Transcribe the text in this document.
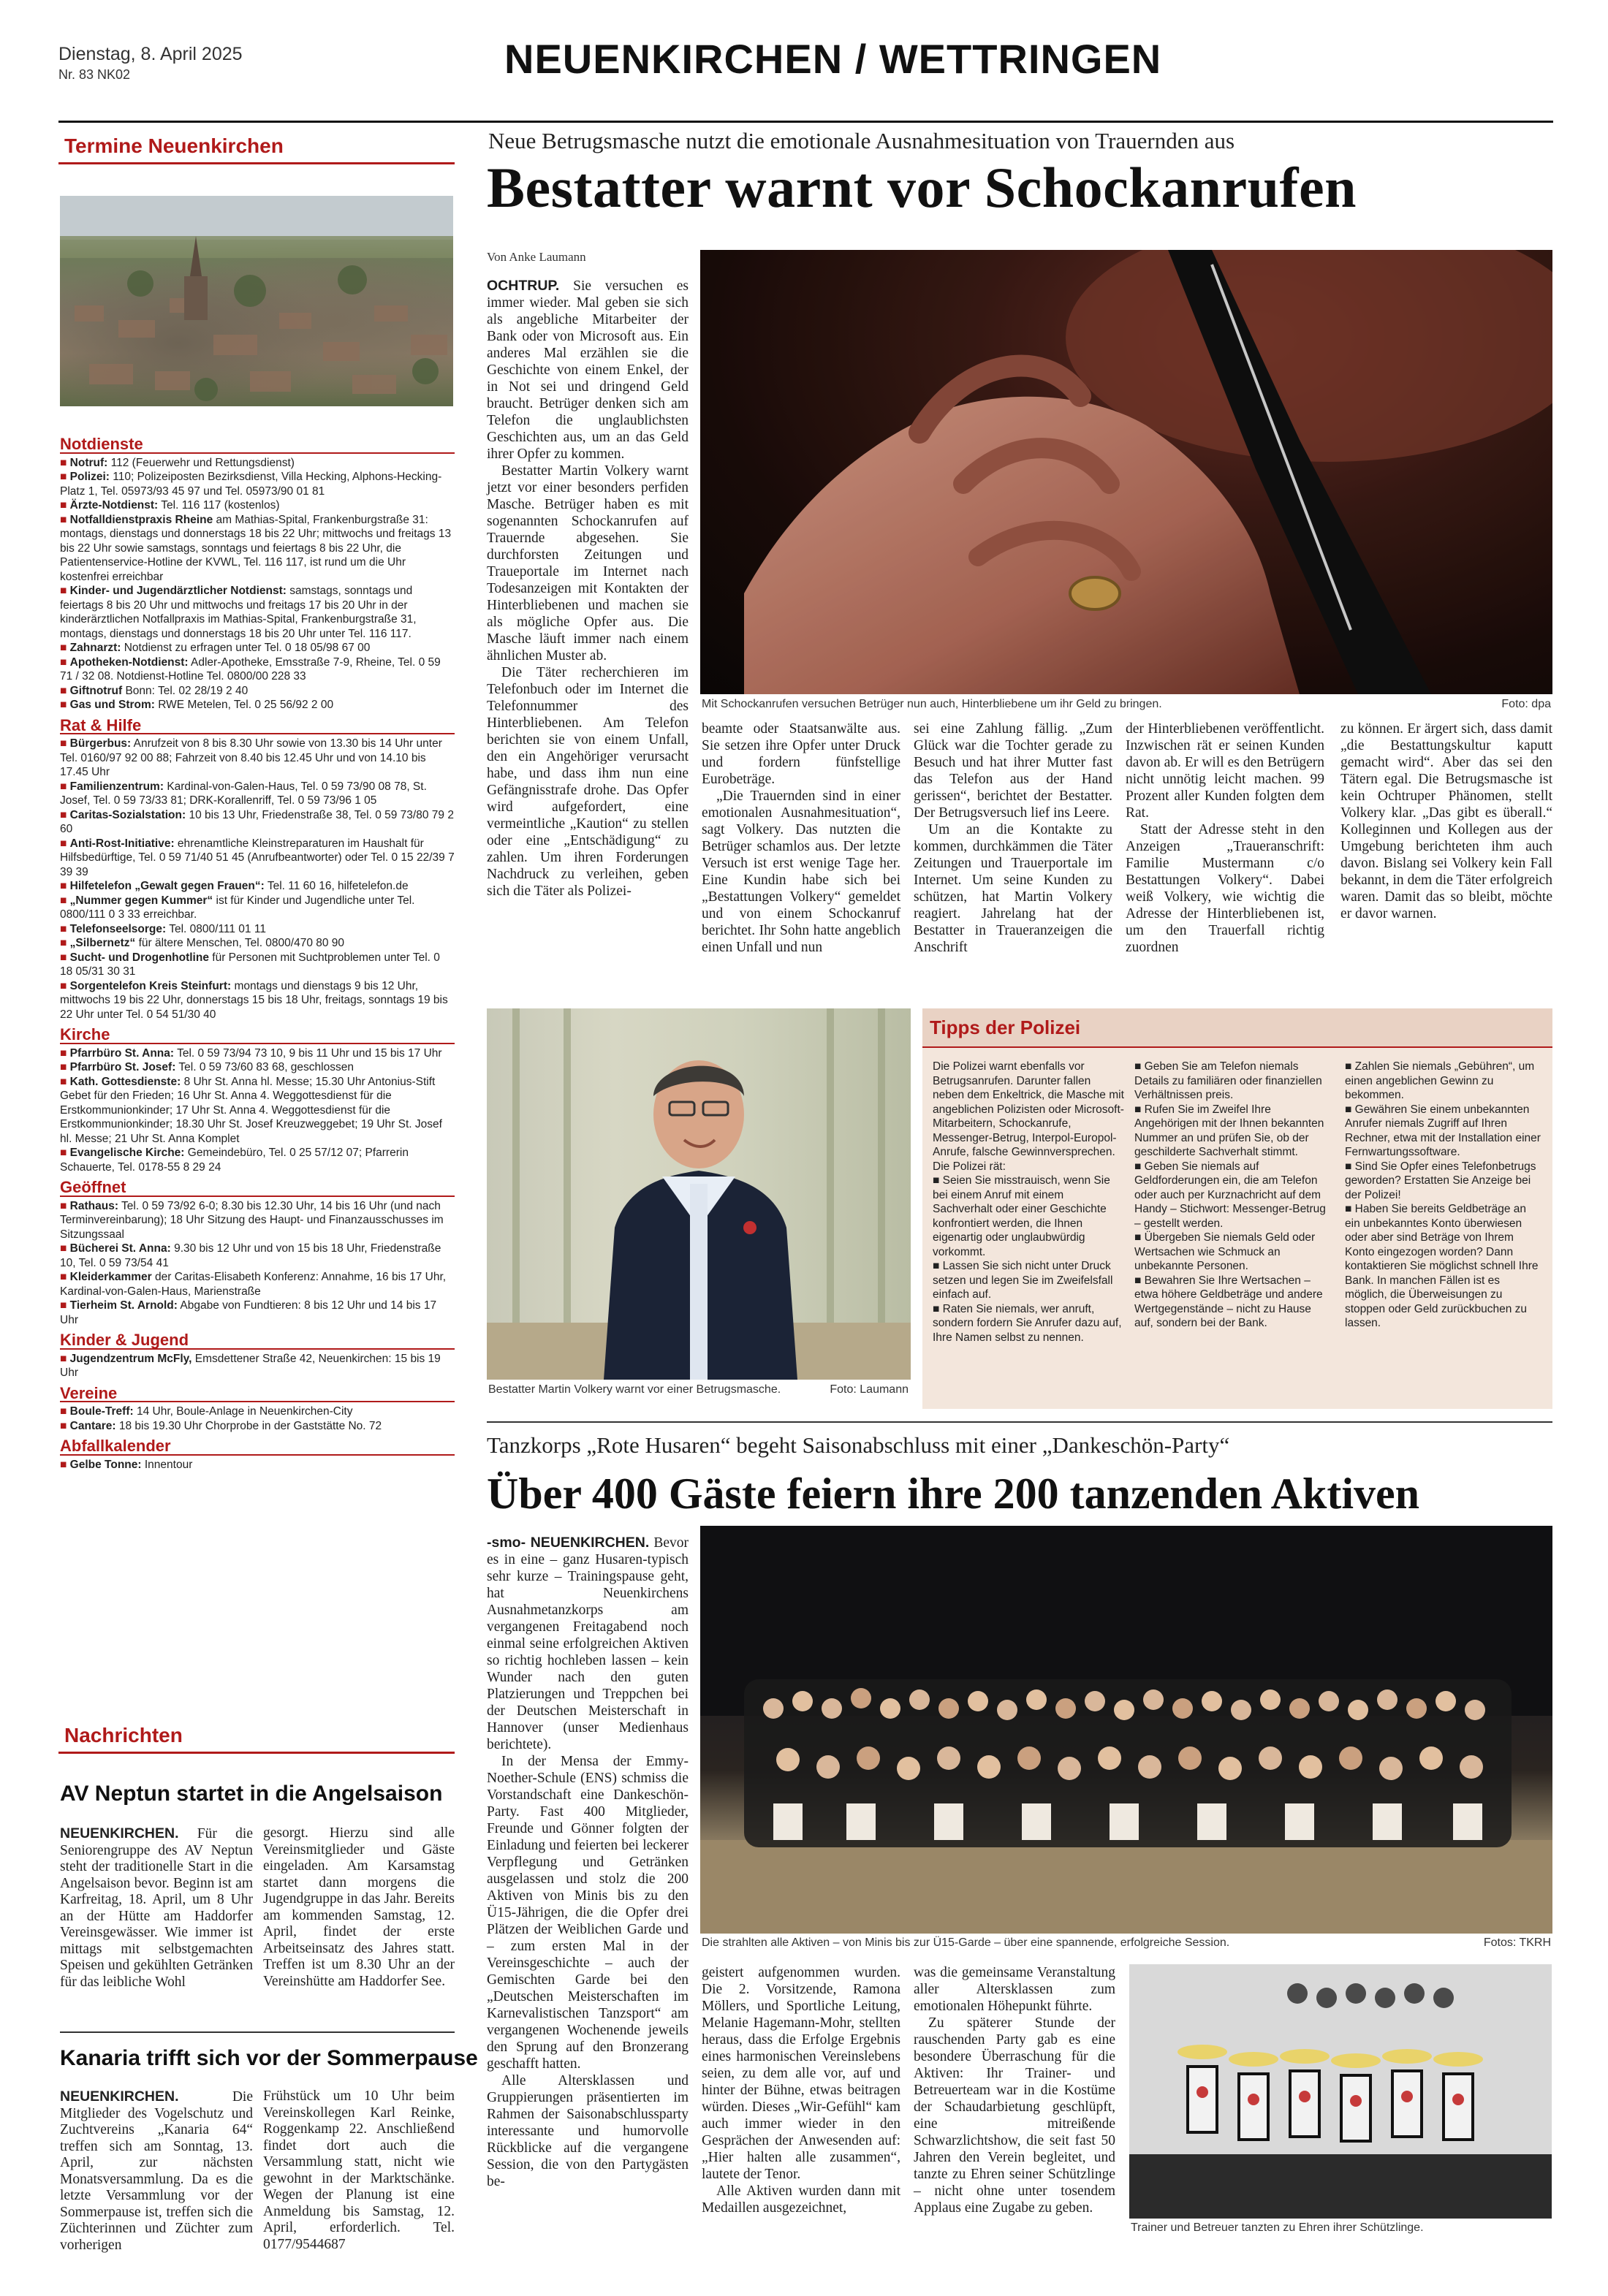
Dienstag, 8. April 2025
Nr. 83 NK02	NEUENKIRCHEN / WETTRINGEN
Termine Neuenkirchen
Notdienste

■ Notruf: 112 (Feuerwehr und Rettungsdienst)

■ Polizei: 110; Polizeiposten Bezirksdienst, Villa Hecking, Alphons-Hecking-Platz 1, Tel. 05973/93 45 97 und Tel. 05973/90 01 81

■ Ärzte-Notdienst: Tel. 116 117 (kostenlos)

■ Notfalldienstpraxis Rheine am Mathias-Spital, Frankenburgstraße 31: montags, dienstags und donnerstags 18 bis 22 Uhr; mittwochs und freitags 13 bis 22 Uhr sowie samstags, sonntags und feiertags 8 bis 22 Uhr, die Patientenservice-Hotline der KVWL, Tel. 116 117, ist rund um die Uhr kostenfrei erreichbar

■ Kinder- und Jugendärztlicher Notdienst: samstags, sonntags und feiertags 8 bis 20 Uhr und mittwochs und freitags 17 bis 20 Uhr in der kinderärztlichen Notfallpraxis im Mathias-Spital, Frankenburgstraße 31, montags, dienstags und donnerstags 18 bis 20 Uhr unter Tel. 116 117.

■ Zahnarzt: Notdienst zu erfragen unter Tel. 0 18 05/98 67 00

■ Apotheken-Notdienst: Adler-Apotheke, Emsstraße 7-9, Rheine, Tel. 0 59 71 / 32 08. Notdienst-Hotline Tel. 0800/00 228 33

■ Giftnotruf Bonn: Tel. 02 28/19 2 40

■ Gas und Strom: RWE Metelen, Tel. 0 25 56/92 2 00

Rat & Hilfe

■ Bürgerbus: Anrufzeit von 8 bis 8.30 Uhr sowie von 13.30 bis 14 Uhr unter Tel. 0160/97 92 00 88; Fahrzeit von 8.40 bis 12.45 Uhr und von 14.10 bis 17.45 Uhr

■ Familienzentrum: Kardinal-von-Galen-Haus, Tel. 0 59 73/90 08 78, St. Josef, Tel. 0 59 73/33 81; DRK-Korallenriff, Tel. 0 59 73/96 1 05

■ Caritas-Sozialstation: 10 bis 13 Uhr, Friedenstraße 38, Tel. 0 59 73/80 79 2 60

■ Anti-Rost-Initiative: ehrenamtliche Kleinstreparaturen im Haushalt für Hilfsbedürftige, Tel. 0 59 71/40 51 45 (Anrufbeantworter) oder Tel. 0 15 22/39 7 39 39

■ Hilfetelefon „Gewalt gegen Frauen“: Tel. 11 60 16, hilfetelefon.de

■ „Nummer gegen Kummer“ ist für Kinder und Jugendliche unter Tel. 0800/111 0 3 33 erreichbar.

■ Telefonseelsorge: Tel. 0800/111 01 11

■ „Silbernetz“ für ältere Menschen, Tel. 0800/470 80 90

■ Sucht- und Drogenhotline für Personen mit Suchtproblemen unter Tel. 0 18 05/31 30 31

■ Sorgentelefon Kreis Steinfurt: montags und dienstags 9 bis 12 Uhr, mittwochs 19 bis 22 Uhr, donnerstags 15 bis 18 Uhr, freitags, sonntags 19 bis 22 Uhr unter Tel. 0 54 51/30 40

Kirche

■ Pfarrbüro St. Anna: Tel. 0 59 73/94 73 10, 9 bis 11 Uhr und 15 bis 17 Uhr

■ Pfarrbüro St. Josef: Tel. 0 59 73/60 83 68, geschlossen

■ Kath. Gottesdienste: 8 Uhr St. Anna hl. Messe; 15.30 Uhr Antonius-Stift Gebet für den Frieden; 16 Uhr St. Anna 4. Weggottesdienst für die Erstkommunionkinder; 17 Uhr St. Anna 4. Weggottesdienst für die Erstkommunionkinder; 18.30 Uhr St. Josef Kreuzweggebet; 19 Uhr St. Josef hl. Messe; 21 Uhr St. Anna Komplet

■ Evangelische Kirche: Gemeindebüro, Tel. 0 25 57/12 07; Pfarrerin Schauerte, Tel. 0178-55 8 29 24

Geöffnet

■ Rathaus: Tel. 0 59 73/92 6-0; 8.30 bis 12.30 Uhr, 14 bis 16 Uhr (und nach Terminvereinbarung); 18 Uhr Sitzung des Haupt- und Finanzausschusses im Sitzungssaal

■ Bücherei St. Anna: 9.30 bis 12 Uhr und von 15 bis 18 Uhr, Friedenstraße 10, Tel. 0 59 73/54 41

■ Kleiderkammer der Caritas-Elisabeth Konferenz: Annahme, 16 bis 17 Uhr, Kardinal-von-Galen-Haus, Marienstraße

■ Tierheim St. Arnold: Abgabe von Fundtieren: 8 bis 12 Uhr und 14 bis 17 Uhr

Kinder & Jugend

■ Jugendzentrum McFly, Emsdettener Straße 42, Neuenkirchen: 15 bis 19 Uhr

Vereine

■ Boule-Treff: 14 Uhr, Boule-Anlage in Neuenkirchen-City

■ Cantare: 18 bis 19.30 Uhr Chorprobe in der Gaststätte No. 72

Abfallkalender

■ Gelbe Tonne: Innentour

Nachrichten
AV Neptun startet in die Angelsaison
NEUENKIRCHEN. Für die Seniorengruppe des AV Neptun steht der traditionelle Start in die Angelsaison bevor. Beginn ist am Karfreitag, 18. April, um 8 Uhr an der Hütte am Haddorfer Vereinsgewässer. Wie immer ist mittags mit selbstgemachten Speisen und gekühlten Getränken für das leibliche Wohl
gesorgt. Hierzu sind alle Vereinsmitglieder und Gäste eingeladen. Am Karsamstag startet dann morgens die Jugendgruppe in das Jahr. Bereits am kommenden Samstag, 12. April, findet der erste Arbeitseinsatz des Jahres statt. Treffen ist um 8.30 Uhr an der Vereinshütte am Haddorfer See.
Kanaria trifft sich vor der Sommerpause
NEUENKIRCHEN.	Die Mitglieder des Vogelschutz und Zuchtvereins „Kanaria 64“ treffen sich am Sonntag, 13. April, zur nächsten Monatsversammlung. Da es die letzte Versammlung vor der Sommerpause ist, treffen sich die Züchterinnen und Züchter zum vorherigen
Frühstück um 10 Uhr beim Vereinskollegen Karl Reinke, Roggenkamp 22. Anschließend findet dort auch die Versammlung statt, nicht wie gewohnt in der Marktschänke. Wegen der Planung ist eine Anmeldung bis Samstag, 12. April, erforderlich. Tel. 0177/9544687
Neue Betrugsmasche nutzt die emotionale Ausnahmesituation von Trauernden aus
Bestatter warnt vor Schockanrufen
Von Anke Laumann
Mit Schockanrufen versuchen Betrüger nun auch, Hinterbliebene um ihr Geld zu bringen.	Foto: dpa

OCHTRUP. Sie versuchen es immer wieder. Mal geben sie sich als angebliche Mitarbeiter der Bank oder von Microsoft aus. Ein anderes Mal erzählen sie die Geschichte von einem Enkel, der in Not sei und dringend Geld braucht. Betrüger denken sich am Telefon die unglaublichsten Geschichten aus, um an das Geld ihrer Opfer zu kommen.

Bestatter Martin Volkery warnt jetzt vor einer besonders perfiden Masche. Betrüger haben es mit sogenannten Schockanrufen auf Trauernde abgesehen. Sie durchforsten Zeitungen und Traueportale im Internet nach Todesanzeigen mit Kontakten der Hinterbliebenen und machen sie als mögliche Opfer aus. Die Masche läuft immer nach einem ähnlichen Muster ab.

Die Täter recherchieren im Telefonbuch oder im Internet die Telefonnummer des Hinterbliebenen. Am Telefon berichten sie von einem Unfall, den ein Angehöriger verursacht habe, und dass ihm nun eine Gefängnisstrafe drohe. Das Opfer wird aufgefordert, eine vermeintliche „Kaution“ zu stellen oder eine „Entschädigung“ zu zahlen. Um ihren Forderungen Nachdruck zu verleihen, geben sich die Täter als Polizei-

beamte oder Staatsanwälte aus. Sie setzen ihre Opfer unter Druck und fordern fünfstellige Eurobeträge.

„Die Trauernden sind in einer emotionalen Ausnahmesituation“, sagt Volkery. Das nutzten die Betrüger schamlos aus. Der letzte Versuch ist erst wenige Tage her. Eine Kundin habe sich bei „Bestattungen Volkery“ gemeldet und von einem Schockanruf berichtet. Ihr Sohn hatte angeblich einen Unfall und nun

sei eine Zahlung fällig. „Zum Glück war die Tochter gerade zu Besuch und hat ihrer Mutter fast das Telefon aus der Hand gerissen“, berichtet der Bestatter. Der Betrugsversuch lief ins Leere.

Um an die Kontakte zu kommen, durchkämmen die Täter Zeitungen und Trauerportale im Internet. Um seine Kunden zu schützen, hat Martin Volkery reagiert. Jahrelang hat der Bestatter in Traueranzeigen die Anschrift

der Hinterbliebenen veröffentlicht. Inzwischen rät er seinen Kunden davon ab. Er will es den Betrügern nicht unnötig leicht machen. 99 Prozent aller Kunden folgten dem Rat.

Statt der Adresse steht in den Anzeigen „Traueranschrift: Familie Mustermann c/o Bestattungen Volkery“. Dabei weiß Volkery, wie wichtig die Adresse der Hinterbliebenen ist, um den Trauerfall richtig zuordnen

zu können. Er ärgert sich, dass damit „die Bestattungskultur kaputt gemacht wird“. Aber das sei den Tätern egal. Die Betrugsmasche ist kein Ochtruper Phänomen, stellt Volkery klar. „Das gibt es überall.“ Kolleginnen und Kollegen aus der Umgebung berichteten ihm auch davon. Bislang sei Volkery kein Fall bekannt, in dem die Täter erfolgreich waren. Damit das so bleibt, möchte er davor warnen.

Bestatter Martin Volkery warnt vor einer Betrugsmasche.	Foto: Laumann
Tipps der Polizei
Die Polizei warnt ebenfalls vor Betrugsanrufen. Darunter fallen neben dem Enkeltrick, die Masche mit angeblichen Polizisten oder Microsoft-Mitarbeitern, Schockanrufe, Messenger-Betrug, Interpol-Europol-Anrufe, falsche Gewinnversprechen. Die Polizei rät:
■ Seien Sie misstrauisch, wenn Sie bei einem Anruf mit einem Sachverhalt oder einer Geschichte konfrontiert werden, die Ihnen eigenartig oder unglaubwürdig vorkommt.
■ Lassen Sie sich nicht unter Druck setzen und legen Sie im Zweifelsfall einfach auf.
■ Raten Sie niemals, wer anruft, sondern fordern Sie Anrufer dazu auf, Ihre Namen selbst zu nennen.
■ Geben Sie am Telefon niemals Details zu familiären oder finanziellen Verhältnissen preis.
■ Rufen Sie im Zweifel Ihre Angehörigen mit der Ihnen bekannten Nummer an und prüfen Sie, ob der geschilderte Sachverhalt stimmt.
■ Geben Sie niemals auf Geldforderungen ein, die am Telefon oder auch per Kurznachricht auf dem Handy – Stichwort: Messenger-Betrug – gestellt werden.
■ Übergeben Sie niemals Geld oder Wertsachen wie Schmuck an unbekannte Personen.
■ Bewahren Sie Ihre Wertsachen – etwa höhere Geldbeträge und andere Wertgegenstände – nicht zu Hause auf, sondern bei der Bank.
■ Zahlen Sie niemals „Gebühren“, um einen angeblichen Gewinn zu bekommen.
■ Gewähren Sie einem unbekannten Anrufer niemals Zugriff auf Ihren Rechner, etwa mit der Installation einer Fernwartungssoftware.
■ Sind Sie Opfer eines Telefonbetrugs geworden? Erstatten Sie Anzeige bei der Polizei!
■ Haben Sie bereits Geldbeträge an ein unbekanntes Konto überwiesen oder aber sind Beträge von Ihrem Konto eingezogen worden? Dann kontaktieren Sie möglichst schnell Ihre Bank. In manchen Fällen ist es möglich, die Überweisungen zu stoppen oder Geld zurückbuchen zu lassen.
Tanzkorps „Rote Husaren“ begeht Saisonabschluss mit einer „Dankeschön-Party“
Über 400 Gäste feiern ihre 200 tanzenden Aktiven

-smo- NEUENKIRCHEN. Bevor es in eine – ganz Husaren-typisch sehr kurze – Trainingspause geht, hat Neuenkirchens Ausnahmetanzkorps am vergangenen Freitagabend noch einmal seine erfolgreichen Aktiven so richtig hochleben lassen – kein Wunder nach den guten Platzierungen und Treppchen bei der Deutschen Meisterschaft in Hannover (unser Medienhaus berichtete).

In der Mensa der Emmy-Noether-Schule (ENS) schmiss die Vorstandschaft eine Dankeschön-Party. Fast 400 Mitglieder, Freunde und Gönner folgten der Einladung und feierten bei leckerer Verpflegung und Getränken ausgelassen und stolz die 200 Aktiven von Minis bis zu den Ü15-Jährigen, die die Opfer drei Plätzen der Weiblichen Garde und – zum ersten Mal in der Vereinsgeschichte – auch der Gemischten Garde bei den „Deutschen Meisterschaften im Karnevalistischen Tanzsport“ am vergangenen Wochenende jeweils den Sprung auf den Bronzerang geschafft hatten.

Alle Altersklassen und Gruppierungen präsentierten im Rahmen der Saisonabschlussparty interessante und humorvolle Rückblicke auf die vergangene Session, die von den Partygästen be-

Die strahlten alle Aktiven – von Minis bis zur Ü15-Garde – über eine spannende, erfolgreiche Session.	Fotos: TKRH

geistert aufgenommen wurden. Die 2. Vorsitzende, Ramona Möllers, und Sportliche Leitung, Melanie Hagemann-Mohr, stellten heraus, dass die Erfolge Ergebnis eines harmonischen Vereinslebens seien, zu dem alle vor, auf und hinter der Bühne, etwas beitragen würden. Dieses „Wir-Gefühl“ kam auch immer wieder in den Gesprächen der Anwesenden auf: „Hier halten alle zusammen“, lautete der Tenor.

Alle Aktiven wurden dann mit Medaillen ausgezeichnet,

was die gemeinsame Veranstaltung aller Altersklassen zum emotionalen Höhepunkt führte.

Zu späterer Stunde der rauschenden Party gab es eine besondere Überraschung für die Aktiven: Ihr Trainer- und Betreuerteam war in die Kostüme der Schaudarbietung geschlüpft, eine mitreißende Schwarzlichtshow, die seit fast 50 Jahren den Verein begleitet, und tanzte zu Ehren seiner Schützlinge – nicht ohne unter tosendem Applaus eine Zugabe zu geben.

Trainer und Betreuer tanzten zu Ehren ihrer Schützlinge.
